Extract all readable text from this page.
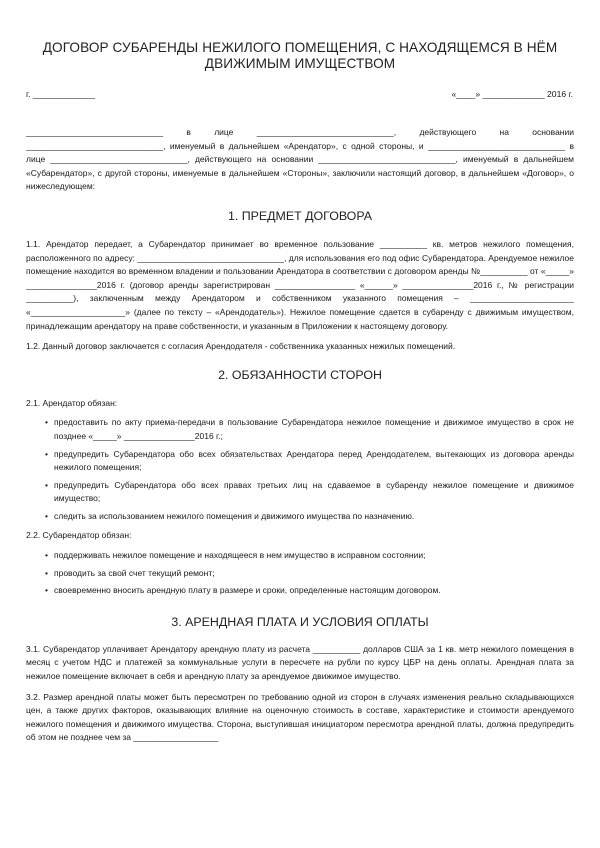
ДОГОВОР СУБАРЕНДЫ НЕЖИЛОГО ПОМЕЩЕНИЯ, С НАХОДЯЩЕМСЯ В НЁМ ДВИЖИМЫМ ИМУЩЕСТВОМ
г. _____________	«____» _____________ 2016 г.

_____________________________ в лице _____________________________, действующего на основании _____________________________, именуемый в дальнейшем «Арендатор», с одной стороны, и _____________________________ в лице _____________________________, действующего на основании _____________________________, именуемый в дальнейшем «Субарендатор», с другой стороны, именуемые в дальнейшем «Стороны», заключили настоящий договор, в дальнейшем «Договор», о нижеследующем:

1. ПРЕДМЕТ ДОГОВОРА

1.1. Арендатор передает, а Субарендатор принимает во временное пользование __________ кв. метров нежилого помещения, расположенного по адресу: _______________________________, для использования его под офис Субарендатора. Арендуемое нежилое помещение находится во временном владении и пользовании Арендатора в соответствии с договором аренды №__________ от «_____» _______________2016 г. (договор аренды зарегистрирован _________________ «______» _______________2016 г., № регистрации __________), заключенным между Арендатором и собственником указанного помещения – ______________________ «____________________» (далее по тексту – «Арендодатель»). Нежилое помещение сдается в субаренду с движимым имуществом, принадлежащим арендатору на праве собственности, и указанным в Приложении к настоящему договору.

1.2. Данный договор заключается с согласия Арендодателя - собственника указанных нежилых помещений.

2. ОБЯЗАННОСТИ СТОРОН

2.1. Арендатор обязан:

• предоставить по акту приема-передачи в пользование Субарендатора нежилое помещение и движимое имущество в срок не позднее «_____» _______________2016 г.;
• предупредить Субарендатора обо всех обязательствах Арендатора перед Арендодателем, вытекающих из договора аренды нежилого помещения;
• предупредить Субарендатора обо всех правах третьих лиц на сдаваемое в субаренду нежилое помещение и движимое имущество;
• следить за использованием нежилого помещения и движимого имущества по назначению.

2.2. Субарендатор обязан:

• поддерживать нежилое помещение и находящееся в нем имущество в исправном состоянии;
• проводить за свой счет текущий ремонт;
• своевременно вносить арендную плату в размере и сроки, определенные настоящим договором.
3. АРЕНДНАЯ ПЛАТА И УСЛОВИЯ ОПЛАТЫ

3.1. Субарендатор уплачивает Арендатору арендную плату из расчета __________ долларов США за 1 кв. метр нежилого помещения в месяц с учетом НДС и платежей за коммунальные услуги в пересчете на рубли по курсу ЦБР на день оплаты. Арендная плата за нежилое помещение включает в себя и арендную плату за арендуемое движимое имущество.

3.2. Размер арендной платы может быть пересмотрен по требованию одной из сторон в случаях изменения реально складывающихся цен, а также других факторов, оказывающих влияние на оценочную стоимость в составе, характеристике и стоимости арендуемого нежилого помещения и движимого имущества. Сторона, выступившая инициатором пересмотра арендной платы, должна предупредить об этом не позднее чем за __________________
